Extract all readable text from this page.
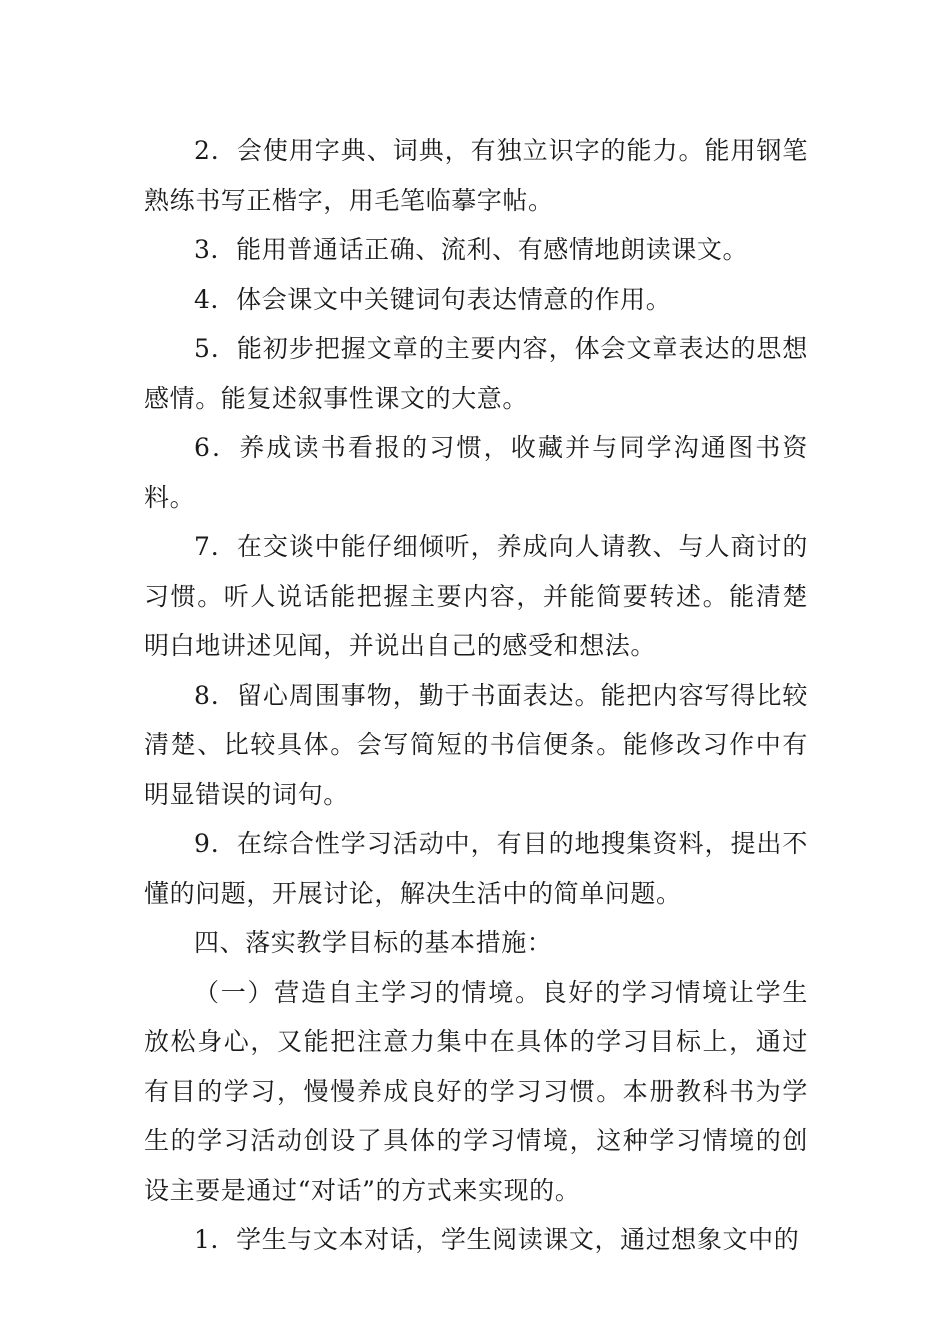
2．会使用字典、词典，有独立识字的能力。能用钢笔熟练书写正楷字，用毛笔临摹字帖。

3．能用普通话正确、流利、有感情地朗读课文。

4．体会课文中关键词句表达情意的作用。

5．能初步把握文章的主要内容，体会文章表达的思想感情。能复述叙事性课文的大意。

6．养成读书看报的习惯，收藏并与同学沟通图书资料。

7．在交谈中能仔细倾听，养成向人请教、与人商讨的习惯。听人说话能把握主要内容，并能简要转述。能清楚明白地讲述见闻，并说出自己的感受和想法。

8．留心周围事物，勤于书面表达。能把内容写得比较清楚、比较具体。会写简短的书信便条。能修改习作中有明显错误的词句。

9．在综合性学习活动中，有目的地搜集资料，提出不懂的问题，开展讨论，解决生活中的简单问题。

四、落实教学目标的基本措施：

（一）营造自主学习的情境。良好的学习情境让学生放松身心，又能把注意力集中在具体的学习目标上，通过有目的学习，慢慢养成良好的学习习惯。本册教科书为学生的学习活动创设了具体的学习情境，这种学习情境的创设主要是通过“对话”的方式来实现的。

1．学生与文本对话，学生阅读课文，通过想象文中的
